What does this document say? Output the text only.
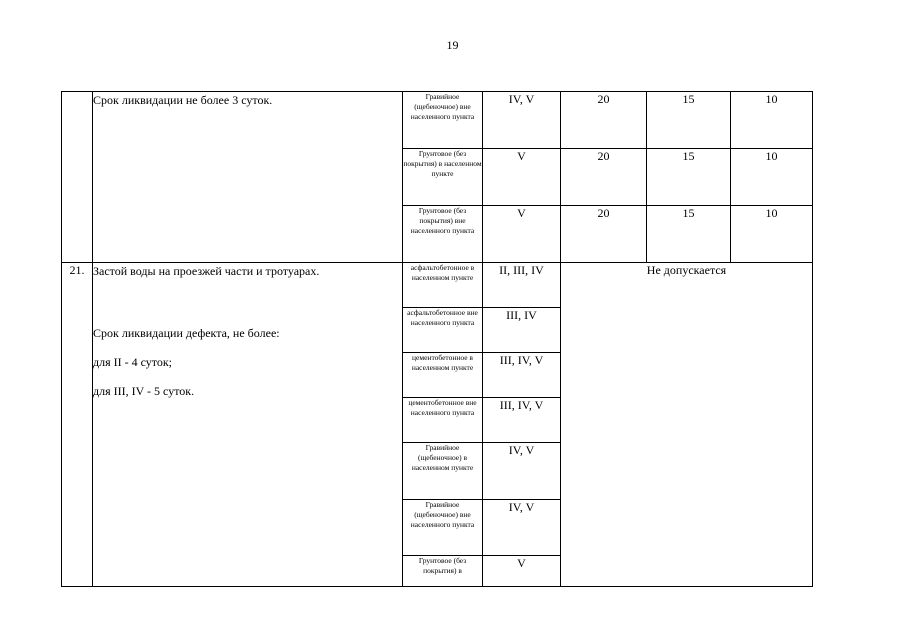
19

	Срок ликвидации не более 3 суток.	Гравийное (щебеночное) вне населенного пункта	IV, V	20	15	10
		Грунтовое (без покрытия) в населенном пункте	V	20	15	10
		Грунтовое (без покрытия) вне населенного пункта	V	20	15	10
21.	Застой воды на проезжей части и тротуарах.

Срок ликвидации дефекта, не более:

для II - 4 суток;

для III, IV - 5 суток.	асфальтобетонное в населенном пункте	II, III, IV	Не допускается		
		асфальтобетонное вне населенного пункта	III, IV			
		цементобетонное в населенном пункте	III, IV, V			
		цементобетонное вне населенного пункта	III, IV, V			
		Гравийное (щебеночное) в населенном пункте	IV, V			
		Гравийное (щебеночное) вне населенного пункта	IV, V			
		Грунтовое (без покрытия) в	V			
